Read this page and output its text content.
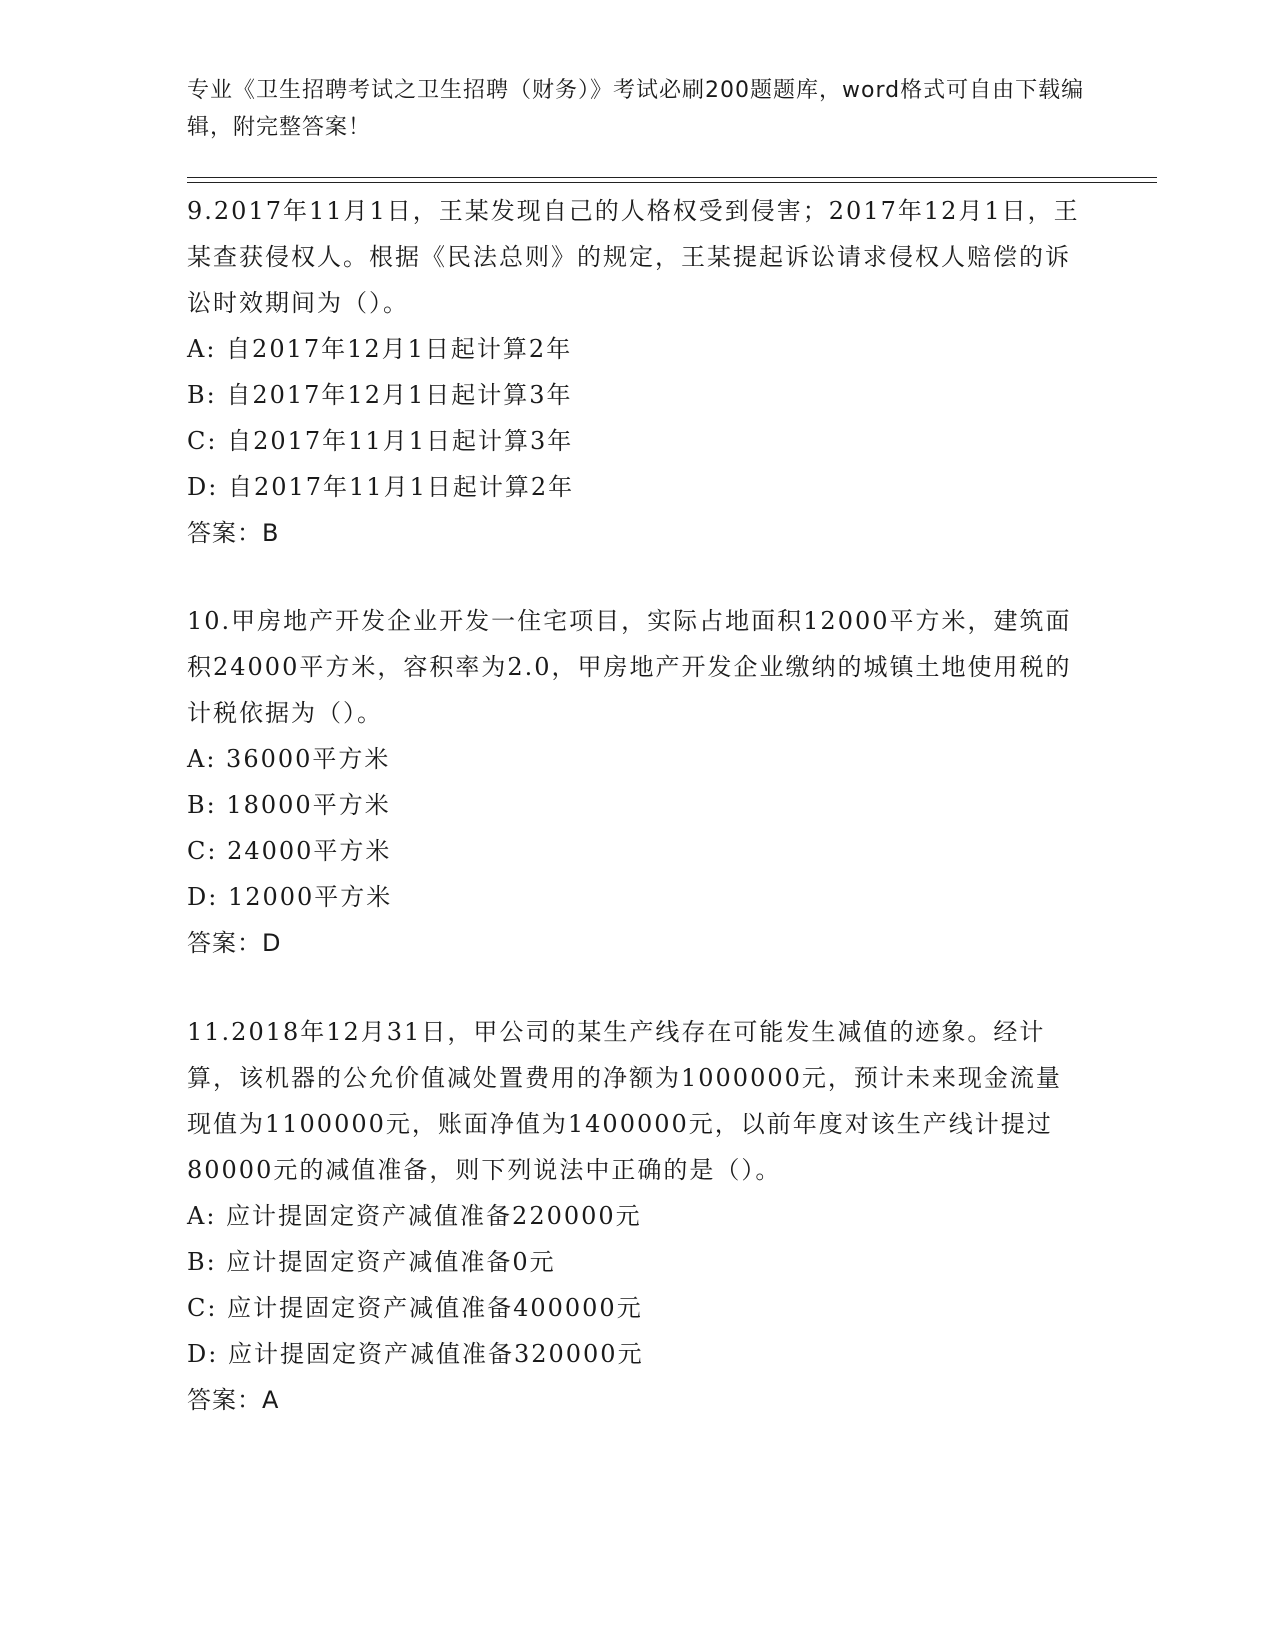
专业《卫生招聘考试之卫生招聘（财务）》考试必刷200题题库，word格式可自由下载编辑，附完整答案！
9.2017年11月1日，王某发现自己的人格权受到侵害；2017年12月1日，王某查获侵权人。根据《民法总则》的规定，王某提起诉讼请求侵权人赔偿的诉讼时效期间为（）。
A: 自2017年12月1日起计算2年
B: 自2017年12月1日起计算3年
C: 自2017年11月1日起计算3年
D: 自2017年11月1日起计算2年
答案：B
10.甲房地产开发企业开发一住宅项目，实际占地面积12000平方米，建筑面积24000平方米，容积率为2.0，甲房地产开发企业缴纳的城镇土地使用税的计税依据为（）。
A: 36000平方米
B: 18000平方米
C: 24000平方米
D: 12000平方米
答案：D
11.2018年12月31日，甲公司的某生产线存在可能发生减值的迹象。经计算，该机器的公允价值减处置费用的净额为1000000元，预计未来现金流量现值为1100000元，账面净值为1400000元，以前年度对该生产线计提过80000元的减值准备，则下列说法中正确的是（）。
A: 应计提固定资产减值准备220000元
B: 应计提固定资产减值准备0元
C: 应计提固定资产减值准备400000元
D: 应计提固定资产减值准备320000元
答案：A
